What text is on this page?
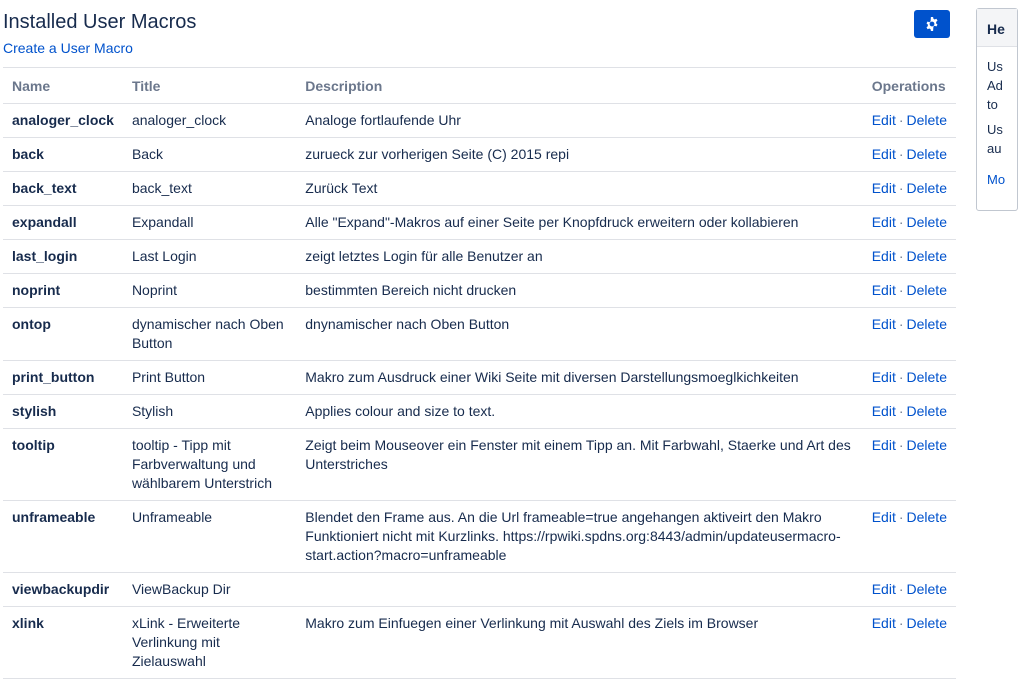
Installed User Macros
Create a User Macro
Name	Title	Description	Operations
analoger_clock	analoger_clock	Analoge fortlaufende Uhr	Edit · Delete
back	Back	zurueck zur vorherigen Seite (C) 2015 repi	Edit · Delete
back_text	back_text	Zurück Text	Edit · Delete
expandall	Expandall	Alle "Expand"-Makros auf einer Seite per Knopfdruck erweitern oder kollabieren	Edit · Delete
last_login	Last Login	zeigt letztes Login für alle Benutzer an	Edit · Delete
noprint	Noprint	bestimmten Bereich nicht drucken	Edit · Delete
ontop	dynamischer nach Oben Button	dnynamischer nach Oben Button	Edit · Delete
print_button	Print Button	Makro zum Ausdruck einer Wiki Seite mit diversen Darstellungsmoeglkichkeiten	Edit · Delete
stylish	Stylish	Applies colour and size to text.	Edit · Delete
tooltip	tooltip - Tipp mit Farbverwaltung und wählbarem Unterstrich	Zeigt beim Mouseover ein Fenster mit einem Tipp an. Mit Farbwahl, Staerke und Art des Unterstriches	Edit · Delete
unframeable	Unframeable	Blendet den Frame aus. An die Url frameable=true angehangen aktiveirt den Makro Funktioniert nicht mit Kurzlinks. https://rpwiki.spdns.org:8443/admin/updateusermacro-start.action?macro=unframeable	Edit · Delete
viewbackupdir	ViewBackup Dir		Edit · Delete
xlink	xLink - Erweiterte Verlinkung mit Zielauswahl	Makro zum Einfuegen einer Verlinkung mit Auswahl des Ziels im Browser	Edit · Delete
He

Us
Ad
to

Us
au

Mo
